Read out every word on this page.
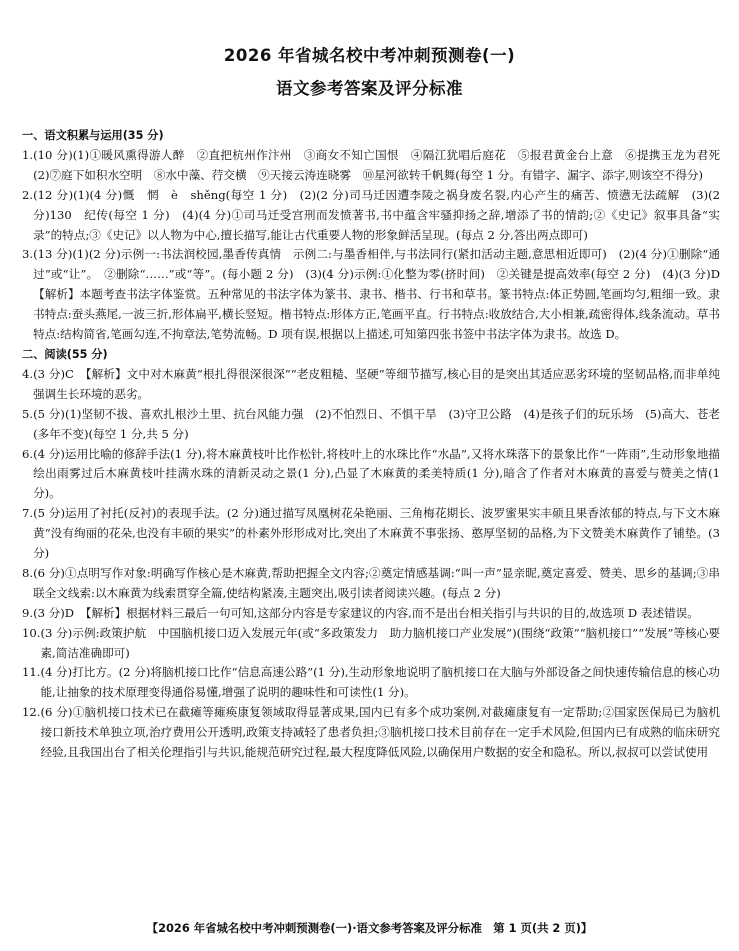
2026 年省城名校中考冲刺预测卷(一)
语文参考答案及评分标准
一、语文积累与运用(35 分)
1. (10 分)(1)①暖风熏得游人醉　②直把杭州作汴州　③商女不知亡国恨　④隔江犹唱后庭花　⑤报君黄金台上意　⑥提携玉龙为君死　(2)⑦庭下如积水空明　⑧水中藻、荇交横　⑨天接云涛连晓雾　⑩星河欲转千帆舞(每空 1 分。有错字、漏字、添字,则该空不得分)
2. (12 分)(1)(4 分)慨　惘　è　shěng(每空 1 分)　(2)(2 分)司马迁因遭李陵之祸身废名裂,内心产生的痛苦、愤懑无法疏解　(3)(2 分)130　纪传(每空 1 分)　(4)(4 分)①司马迁受宫刑而发愤著书,书中蕴含牢骚抑扬之辞,增添了书的情韵;②《史记》叙事具备“实录”的特点;③《史记》以人物为中心,擅长描写,能让古代重要人物的形象鲜活呈现。(每点 2 分,答出两点即可)
3. (13 分)(1)(2 分)示例一:书法润校园,墨香传真情　示例二:与墨香相伴,与书法同行(紧扣活动主题,意思相近即可)　(2)(4 分)①删除“通过”或“让”。　②删除“……”或“等”。(每小题 2 分)　(3)(4 分)示例:①化整为零(挤时间)　②关键是提高效率(每空 2 分)　(4)(3 分)D　【解析】本题考查书法字体鉴赏。五种常见的书法字体为篆书、隶书、楷书、行书和草书。篆书特点:体正势圆,笔画均匀,粗细一致。隶书特点:蚕头燕尾,一波三折,形体扁平,横长竖短。楷书特点:形体方正,笔画平直。行书特点:收放结合,大小相兼,疏密得体,线条流动。草书特点:结构简省,笔画勾连,不拘章法,笔势流畅。D 项有误,根据以上描述,可知第四张书签中书法字体为隶书。故选 D。
二、阅读(55 分)
4. (3 分)C　【解析】文中对木麻黄“根扎得很深很深”“老皮粗糙、坚硬”等细节描写,核心目的是突出其适应恶劣环境的坚韧品格,而非单纯强调生长环境的恶劣。
5. (5 分)(1)坚韧不拔、喜欢扎根沙土里、抗台风能力强　(2)不怕烈日、不惧干旱　(3)守卫公路　(4)是孩子们的玩乐场　(5)高大、苍老(多年不变)(每空 1 分,共 5 分)
6. (4 分)运用比喻的修辞手法(1 分),将木麻黄枝叶比作松针,将枝叶上的水珠比作“水晶”,又将水珠落下的景象比作“一阵雨”,生动形象地描绘出雨雾过后木麻黄枝叶挂满水珠的清新灵动之景(1 分),凸显了木麻黄的柔美特质(1 分),暗含了作者对木麻黄的喜爱与赞美之情(1 分)。
7. (5 分)运用了衬托(反衬)的表现手法。(2 分)通过描写凤凰树花朵艳丽、三角梅花期长、波罗蜜果实丰硕且果香浓郁的特点,与下文木麻黄“没有绚丽的花朵,也没有丰硕的果实”的朴素外形形成对比,突出了木麻黄不事张扬、憨厚坚韧的品格,为下文赞美木麻黄作了铺垫。(3 分)
8. (6 分)①点明写作对象:明确写作核心是木麻黄,帮助把握全文内容;②奠定情感基调:“叫一声”显亲昵,奠定喜爱、赞美、思乡的基调;③串联全文线索:以木麻黄为线索贯穿全篇,使结构紧凑,主题突出,吸引读者阅读兴趣。(每点 2 分)
9. (3 分)D　【解析】根据材料三最后一句可知,这部分内容是专家建议的内容,而不是出台相关指引与共识的目的,故选项 D 表述错误。
10. (3 分)示例:政策护航　中国脑机接口迈入发展元年(或“多政策发力　助力脑机接口产业发展”)(围绕“政策”“脑机接口”“发展”等核心要素,简洁准确即可)
11. (4 分)打比方。(2 分)将脑机接口比作“信息高速公路”(1 分),生动形象地说明了脑机接口在大脑与外部设备之间快速传输信息的核心功能,让抽象的技术原理变得通俗易懂,增强了说明的趣味性和可读性(1 分)。
12. (6 分)①脑机接口技术已在截瘫等瘫痪康复领域取得显著成果,国内已有多个成功案例,对截瘫康复有一定帮助;②国家医保局已为脑机接口新技术单独立项,治疗费用公开透明,政策支持减轻了患者负担;③脑机接口技术目前存在一定手术风险,但国内已有成熟的临床研究经验,且我国出台了相关伦理指引与共识,能规范研究过程,最大程度降低风险,以确保用户数据的安全和隐私。所以,叔叔可以尝试使用
【2026 年省城名校中考冲刺预测卷(一)·语文参考答案及评分标准　第 1 页(共 2 页)】
